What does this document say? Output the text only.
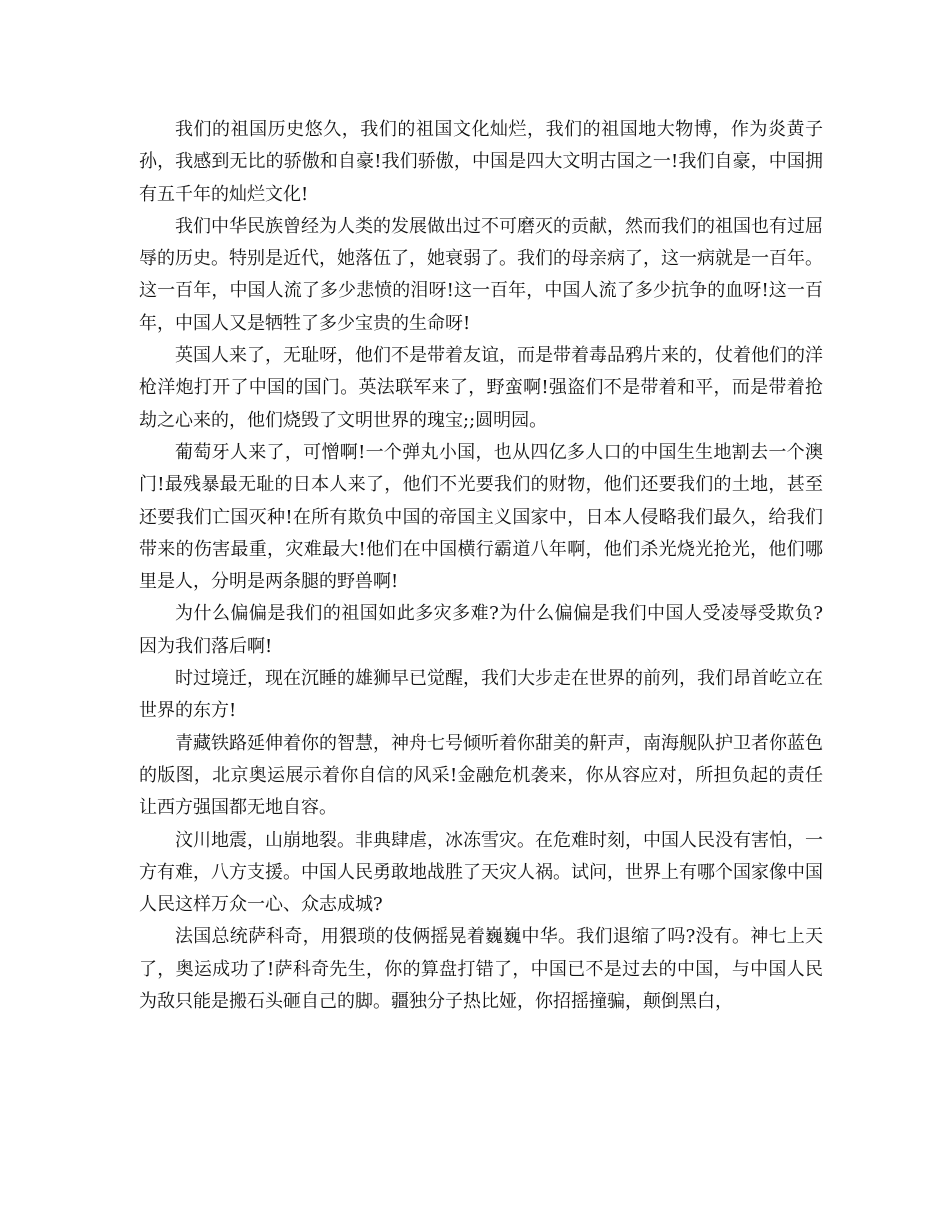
我们的祖国历史悠久，我们的祖国文化灿烂，我们的祖国地大物博，作为炎黄子孙，我感到无比的骄傲和自豪!我们骄傲，中国是四大文明古国之一!我们自豪，中国拥有五千年的灿烂文化!

我们中华民族曾经为人类的发展做出过不可磨灭的贡献，然而我们的祖国也有过屈辱的历史。特别是近代，她落伍了，她衰弱了。我们的母亲病了，这一病就是一百年。这一百年，中国人流了多少悲愤的泪呀!这一百年，中国人流了多少抗争的血呀!这一百年，中国人又是牺牲了多少宝贵的生命呀!

英国人来了，无耻呀，他们不是带着友谊，而是带着毒品鸦片来的，仗着他们的洋枪洋炮打开了中国的国门。英法联军来了，野蛮啊!强盗们不是带着和平，而是带着抢劫之心来的，他们烧毁了文明世界的瑰宝;;圆明园。

葡萄牙人来了，可憎啊!一个弹丸小国，也从四亿多人口的中国生生地割去一个澳门!最残暴最无耻的日本人来了，他们不光要我们的财物，他们还要我们的土地，甚至还要我们亡国灭种!在所有欺负中国的帝国主义国家中，日本人侵略我们最久，给我们带来的伤害最重，灾难最大!他们在中国横行霸道八年啊，他们杀光烧光抢光，他们哪里是人，分明是两条腿的野兽啊!

为什么偏偏是我们的祖国如此多灾多难?为什么偏偏是我们中国人受凌辱受欺负?因为我们落后啊!

时过境迁，现在沉睡的雄狮早已觉醒，我们大步走在世界的前列，我们昂首屹立在世界的东方!

青藏铁路延伸着你的智慧，神舟七号倾听着你甜美的鼾声，南海舰队护卫者你蓝色的版图，北京奥运展示着你自信的风采!金融危机袭来，你从容应对，所担负起的责任让西方强国都无地自容。

汶川地震，山崩地裂。非典肆虐，冰冻雪灾。在危难时刻，中国人民没有害怕，一方有难，八方支援。中国人民勇敢地战胜了天灾人祸。试问，世界上有哪个国家像中国人民这样万众一心、众志成城?

法国总统萨科奇，用猥琐的伎俩摇晃着巍巍中华。我们退缩了吗?没有。神七上天了，奥运成功了!萨科奇先生，你的算盘打错了，中国已不是过去的中国，与中国人民为敌只能是搬石头砸自己的脚。疆独分子热比娅，你招摇撞骗，颠倒黑白，
